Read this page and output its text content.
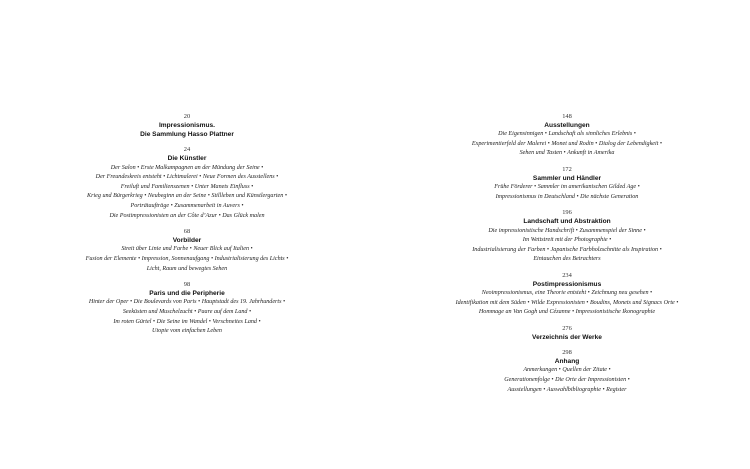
20
Impressionismus.
Die Sammlung Hasso Plattner
24
Die Künstler
Der Salon • Erste Malkampagnen an der Mündung der Seine •
Der Freundeskreis entsteht • Lichtmalerei • Neue Formen des Ausstellens •
Freiluft und Familienszenen • Unter Manets Einfluss •
Krieg und Bürgerkrieg • Neubeginn an der Seine • Stillleben und Künstlergarten •
Porträtaufträge • Zusammenarbeit in Auvers •
Die Postimpressionisten an der Côte d’Azur • Das Glück malen
68
Vorbilder
Streit über Linie und Farbe • Neuer Blick auf Italien •
Fusion der Elemente • Impression, Sonnenaufgang • Industrialisierung des Lichts •
Licht, Raum und bewegtes Sehen
98
Paris und die Peripherie
Hinter der Oper • Die Boulevards von Paris • Hauptstadt des 19. Jahrhunderts •
Seeküsten und Muschelzucht • Paare auf dem Land •
Im roten Gürtel • Die Seine im Wandel • Verschneites Land •
Utopie vom einfachen Leben
148
Ausstellungen
Die Eigensinnigen • Landschaft als sinnliches Erlebnis •
Experimentierfeld der Malerei • Monet und Rodin • Dialog der Lebendigkeit •
Sehen und Tasten • Ankunft in Amerika
172
Sammler und Händler
Frühe Förderer • Sammler im amerikanischen Gilded Age •
Impressionismus in Deutschland • Die nächste Generation
196
Landschaft und Abstraktion
Die impressionistische Handschrift • Zusammenspiel der Sinne •
Im Wettstreit mit der Photographie •
Industrialisierung der Farben • Japanische Farbholzschnitte als Inspiration •
Eintauchen des Betrachters
234
Postimpressionismus
Neoimpressionismus, eine Theorie entsteht • Zeichnung neu gesehen •
Identifikation mit dem Süden • Wilde Expressionisten • Boudins, Monets und Signacs Orte •
Hommage an Van Gogh und Cézanne • Impressionistische Ikonographie
276
Verzeichnis der Werke
298
Anhang
Anmerkungen • Quellen der Zitate •
Generationenfolge • Die Orte der Impressionisten •
Ausstellungen • Auswahlbibliographie • Register
